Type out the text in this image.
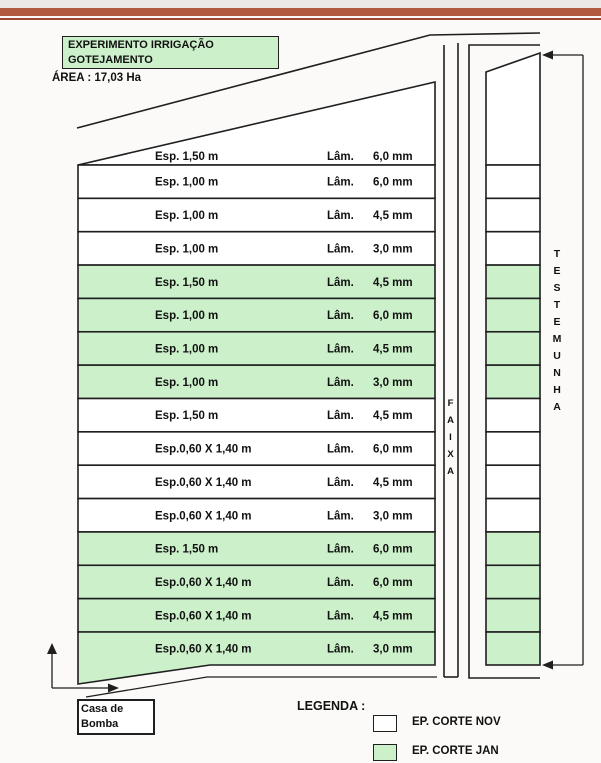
EXPERIMENTO IRRIGAÇÃO
GOTEJAMENTO
ÁREA : 17,03 Ha
Esp. 1,50 m	Lâm. 6,0 mm
Esp. 1,00 m	Lâm. 6,0 mm
Esp. 1,00 m	Lâm. 4,5 mm
Esp. 1,00 m	Lâm. 3,0 mm
Esp. 1,50 m	Lâm. 4,5 mm
Esp. 1,00 m	Lâm. 6,0 mm
Esp. 1,00 m	Lâm. 4,5 mm
Esp. 1,00 m	Lâm. 3,0 mm
Esp. 1,50 m	Lâm. 4,5 mm
Esp.0,60 X 1,40 m	Lâm. 6,0 mm
Esp.0,60 X 1,40 m	Lâm. 4,5 mm
Esp.0,60 X 1,40 m	Lâm. 3,0 mm
Esp. 1,50 m	Lâm. 6,0 mm
Esp.0,60 X 1,40 m	Lâm. 6,0 mm
Esp.0,60 X 1,40 m	Lâm. 4,5 mm
Esp.0,60 X 1,40 m	Lâm. 3,0 mm
F
A
I
X
A
T
E
S
T
E
M
U
N
H
A
Casa de
Bomba
LEGENDA :
EP. CORTE NOV
EP. CORTE JAN
